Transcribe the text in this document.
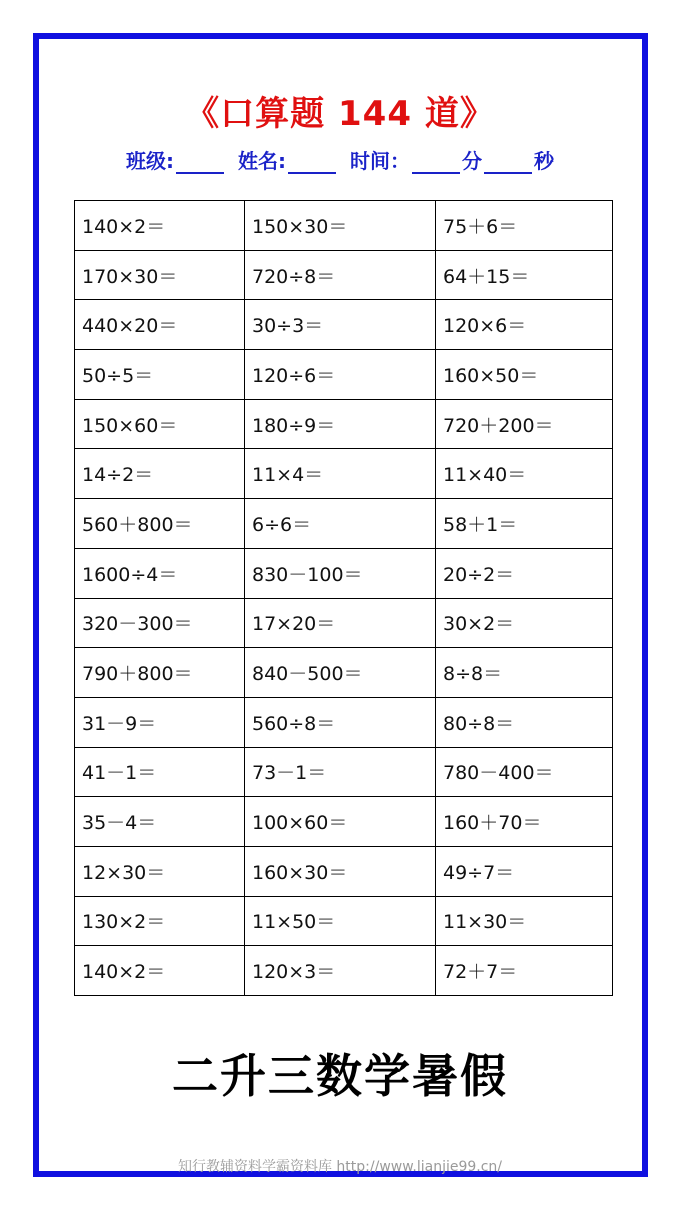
《口算题 144 道》
班级:	姓名:	时间：	分	秒
140×2＝	150×30＝	75＋6＝
170×30＝	720÷8＝	64＋15＝
440×20＝	30÷3＝	120×6＝
50÷5＝	120÷6＝	160×50＝
150×60＝	180÷9＝	720＋200＝
14÷2＝	11×4＝	11×40＝
560＋800＝	6÷6＝	58＋1＝
1600÷4＝	830－100＝	20÷2＝
320－300＝	17×20＝	30×2＝
790＋800＝	840－500＝	8÷8＝
31－9＝	560÷8＝	80÷8＝
41－1＝	73－1＝	780－400＝
35－4＝	100×60＝	160＋70＝
12×30＝	160×30＝	49÷7＝
130×2＝	11×50＝	11×30＝
140×2＝	120×3＝	72＋7＝
二升三数学暑假
知行教辅资料学霸资料库 http://www.lianjie99.cn/
